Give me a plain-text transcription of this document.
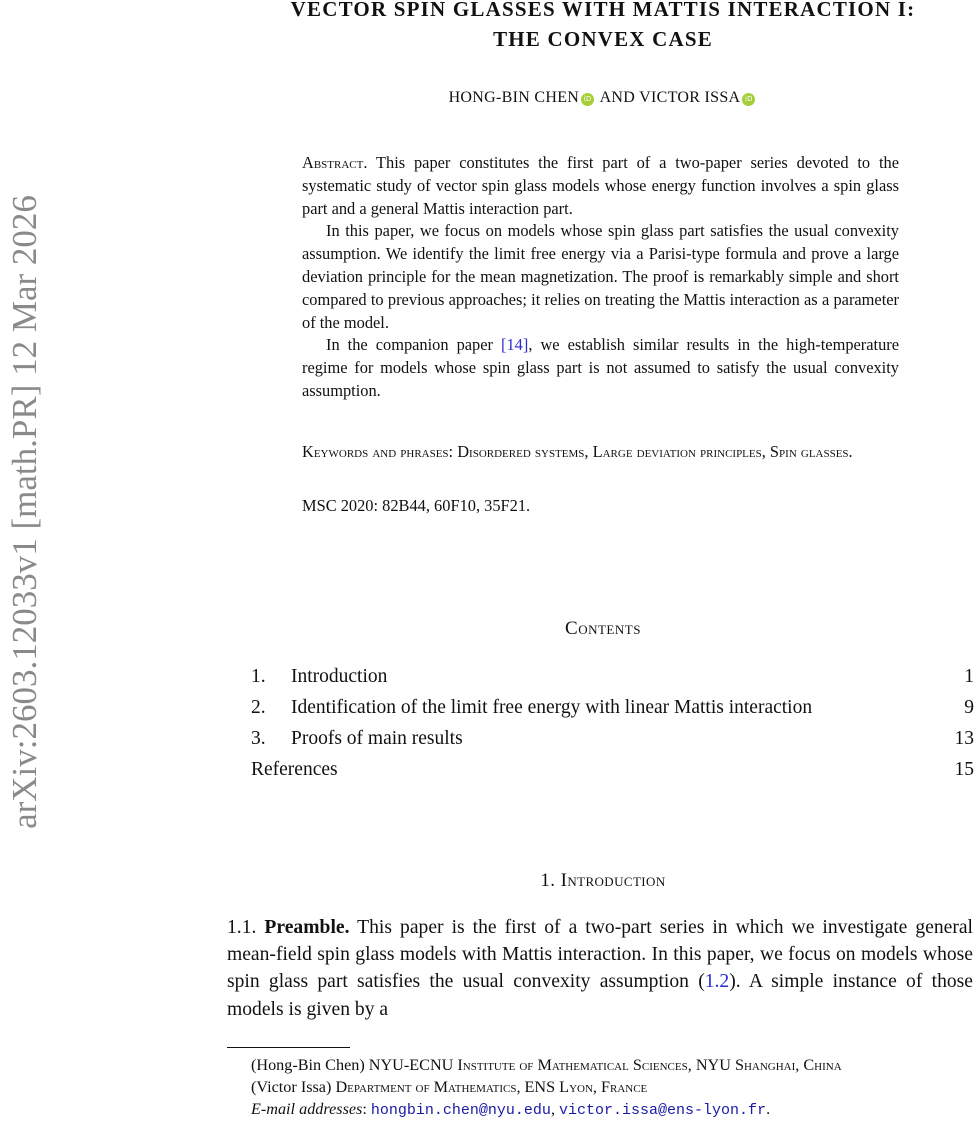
arXiv:2603.12033v1 [math.PR] 12 Mar 2026
VECTOR SPIN GLASSES WITH MATTIS INTERACTION I:
THE CONVEX CASE
HONG-BIN CHEN iD AND VICTOR ISSA iD

Abstract. This paper constitutes the first part of a two-paper series devoted to the systematic study of vector spin glass models whose energy function involves a spin glass part and a general Mattis interaction part.

In this paper, we focus on models whose spin glass part satisfies the usual convexity assumption. We identify the limit free energy via a Parisi-type formula and prove a large deviation principle for the mean magnetization. The proof is remarkably simple and short compared to previous approaches; it relies on treating the Mattis interaction as a parameter of the model.

In the companion paper [14], we establish similar results in the high-temperature regime for models whose spin glass part is not assumed to satisfy the usual convexity assumption.

Keywords and phrases: Disordered systems, Large deviation principles, Spin glasses.
MSC 2020: 82B44, 60F10, 35F21.
Contents
1.	Introduction	1
2.	Identification of the limit free energy with linear Mattis interaction	9
3.	Proofs of main results	13
References	15
1. Introduction

1.1. Preamble. This paper is the first of a two-part series in which we investigate general mean-field spin glass models with Mattis interaction. In this paper, we focus on models whose spin glass part satisfies the usual convexity assumption (1.2). A simple instance of those models is given by a

(Hong-Bin Chen) NYU-ECNU Institute of Mathematical Sciences, NYU Shanghai, China

(Victor Issa) Department of Mathematics, ENS Lyon, France

E-mail addresses: hongbin.chen@nyu.edu, victor.issa@ens-lyon.fr.
